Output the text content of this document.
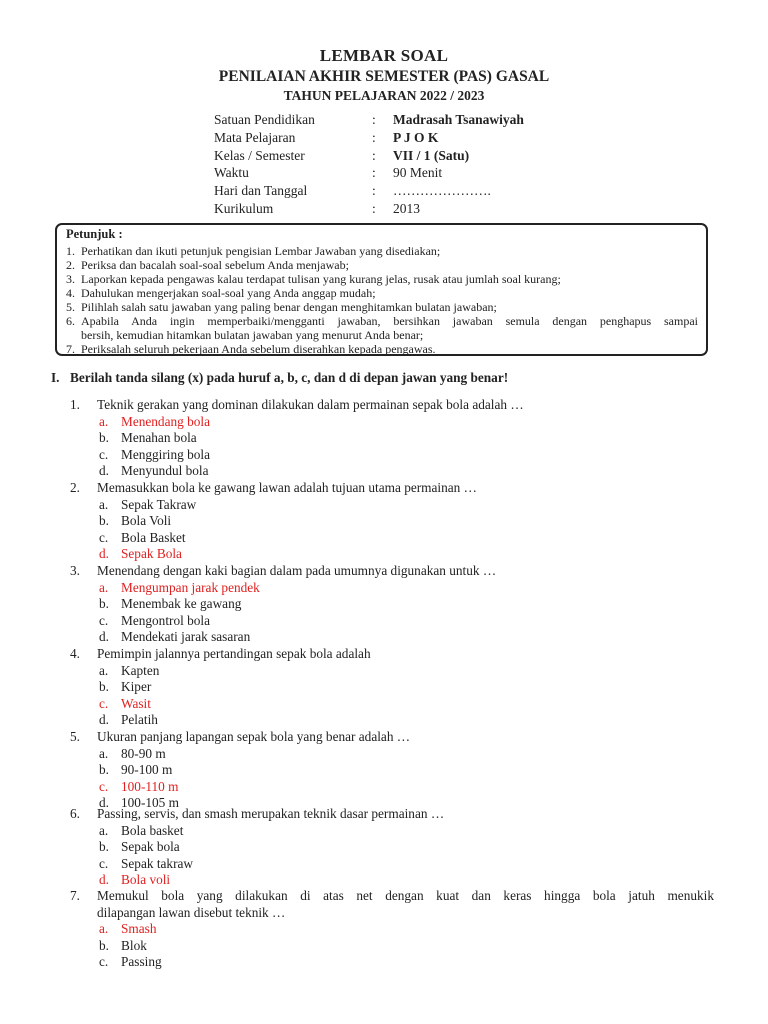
LEMBAR SOAL
PENILAIAN AKHIR SEMESTER (PAS) GASAL
TAHUN PELAJARAN 2022 / 2023
Satuan Pendidikan	: Madrasah Tsanawiyah
Mata Pelajaran	: P J O K
Kelas / Semester	: VII / 1 (Satu)
Waktu	: 90 Menit
Hari dan Tanggal	: ………………….
Kurikulum	: 2013
Petunjuk :
1. Perhatikan dan ikuti petunjuk pengisian Lembar Jawaban yang disediakan;
2. Periksa dan bacalah soal-soal sebelum Anda menjawab;
3. Laporkan kepada pengawas kalau terdapat tulisan yang kurang jelas, rusak atau jumlah soal kurang;
4. Dahulukan mengerjakan soal-soal yang Anda anggap mudah;
5. Pilihlah salah satu jawaban yang paling benar dengan menghitamkan bulatan jawaban;
6. Apabila Anda ingin memperbaiki/mengganti jawaban, bersihkan jawaban semula dengan penghapus sampai
bersih, kemudian hitamkan bulatan jawaban yang menurut Anda benar;
7. Periksalah seluruh pekerjaan Anda sebelum diserahkan kepada pengawas.
I. Berilah tanda silang (x) pada huruf a, b, c, dan d di depan jawan yang benar!
1. Teknik gerakan yang dominan dilakukan dalam permainan sepak bola adalah …
a. Menendang bola
b. Menahan bola
c. Menggiring bola
d. Menyundul bola
2. Memasukkan bola ke gawang lawan adalah tujuan utama permainan …
a. Sepak Takraw
b. Bola Voli
c. Bola Basket
d. Sepak Bola
3. Menendang dengan kaki bagian dalam pada umumnya digunakan untuk …
a. Mengumpan jarak pendek
b. Menembak ke gawang
c. Mengontrol bola
d. Mendekati jarak sasaran
4. Pemimpin jalannya pertandingan sepak bola adalah
a. Kapten
b. Kiper
c. Wasit
d. Pelatih
5. Ukuran panjang lapangan sepak bola yang benar adalah …
a. 80-90 m
b. 90-100 m
c. 100-110 m
d. 100-105 m
6. Passing, servis, dan smash merupakan teknik dasar permainan …
a. Bola basket
b. Sepak bola
c. Sepak takraw
d. Bola voli
7. Memukul bola yang dilakukan di atas net dengan kuat dan keras hingga bola jatuh menukik
dilapangan lawan disebut teknik …
a. Smash
b. Blok
c. Passing
